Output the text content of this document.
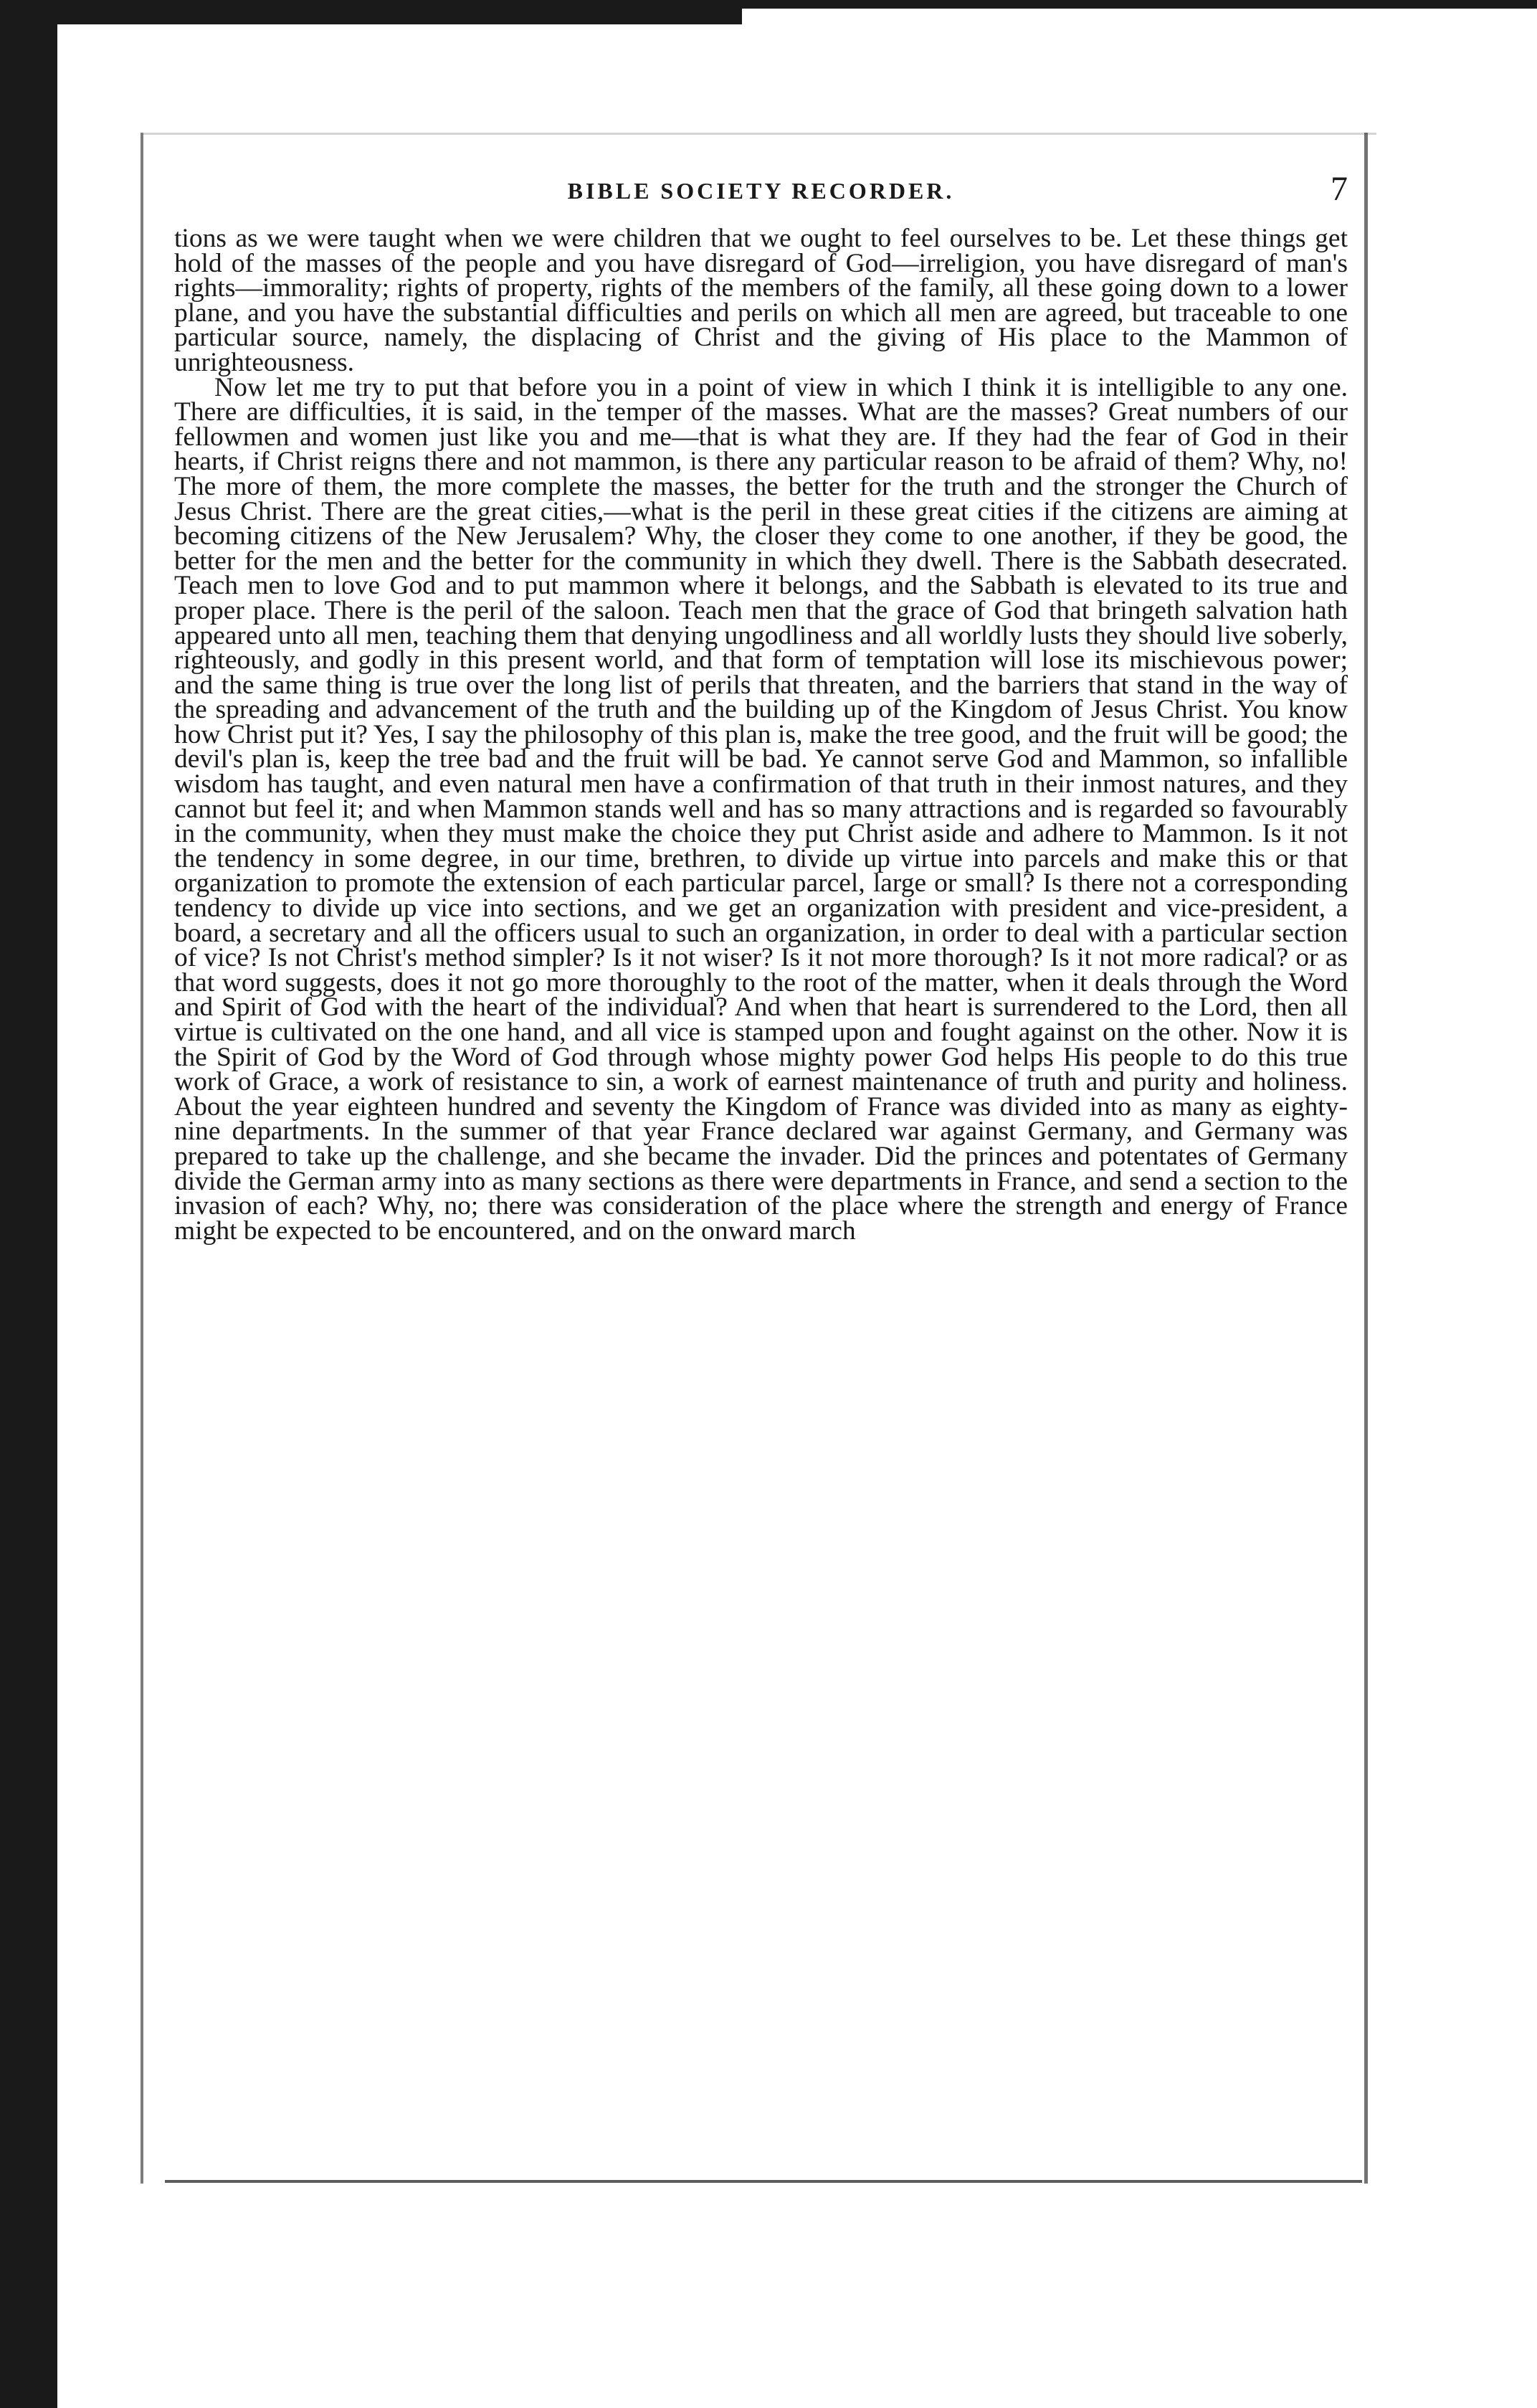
BIBLE SOCIETY RECORDER.	7

tions as we were taught when we were children that we ought to feel ourselves to be. Let these things get hold of the masses of the people and you have disregard of God—irreligion, you have disregard of man's rights—immorality; rights of property, rights of the members of the family, all these going down to a lower plane, and you have the substantial difficulties and perils on which all men are agreed, but traceable to one particular source, namely, the displacing of Christ and the giving of His place to the Mammon of unrighteousness.

Now let me try to put that before you in a point of view in which I think it is intelligible to any one. There are difficulties, it is said, in the temper of the masses. What are the masses? Great numbers of our fellowmen and women just like you and me—that is what they are. If they had the fear of God in their hearts, if Christ reigns there and not mammon, is there any particular reason to be afraid of them? Why, no! The more of them, the more complete the masses, the better for the truth and the stronger the Church of Jesus Christ. There are the great cities,—what is the peril in these great cities if the citizens are aiming at becoming citizens of the New Jerusalem? Why, the closer they come to one another, if they be good, the better for the men and the better for the community in which they dwell. There is the Sabbath desecrated. Teach men to love God and to put mammon where it belongs, and the Sabbath is elevated to its true and proper place. There is the peril of the saloon. Teach men that the grace of God that bringeth salvation hath appeared unto all men, teaching them that denying ungodliness and all worldly lusts they should live soberly, righteously, and godly in this present world, and that form of temptation will lose its mischievous power; and the same thing is true over the long list of perils that threaten, and the barriers that stand in the way of the spreading and advancement of the truth and the building up of the Kingdom of Jesus Christ. You know how Christ put it? Yes, I say the philosophy of this plan is, make the tree good, and the fruit will be good; the devil's plan is, keep the tree bad and the fruit will be bad. Ye cannot serve God and Mammon, so infallible wisdom has taught, and even natural men have a confirmation of that truth in their inmost natures, and they cannot but feel it; and when Mammon stands well and has so many attractions and is regarded so favourably in the community, when they must make the choice they put Christ aside and adhere to Mammon. Is it not the tendency in some degree, in our time, brethren, to divide up virtue into parcels and make this or that organization to promote the extension of each particular parcel, large or small? Is there not a corresponding tendency to divide up vice into sections, and we get an organization with president and vice-president, a board, a secretary and all the officers usual to such an organization, in order to deal with a particular section of vice? Is not Christ's method simpler? Is it not wiser? Is it not more thorough? Is it not more radical? or as that word suggests, does it not go more thoroughly to the root of the matter, when it deals through the Word and Spirit of God with the heart of the individual? And when that heart is surrendered to the Lord, then all virtue is cultivated on the one hand, and all vice is stamped upon and fought against on the other. Now it is the Spirit of God by the Word of God through whose mighty power God helps His people to do this true work of Grace, a work of resistance to sin, a work of earnest maintenance of truth and purity and holiness. About the year eighteen hundred and seventy the Kingdom of France was divided into as many as eighty-nine departments. In the summer of that year France declared war against Germany, and Germany was prepared to take up the challenge, and she became the invader. Did the princes and potentates of Germany divide the German army into as many sections as there were departments in France, and send a section to the invasion of each? Why, no; there was consideration of the place where the strength and energy of France might be expected to be encountered, and on the onward march
